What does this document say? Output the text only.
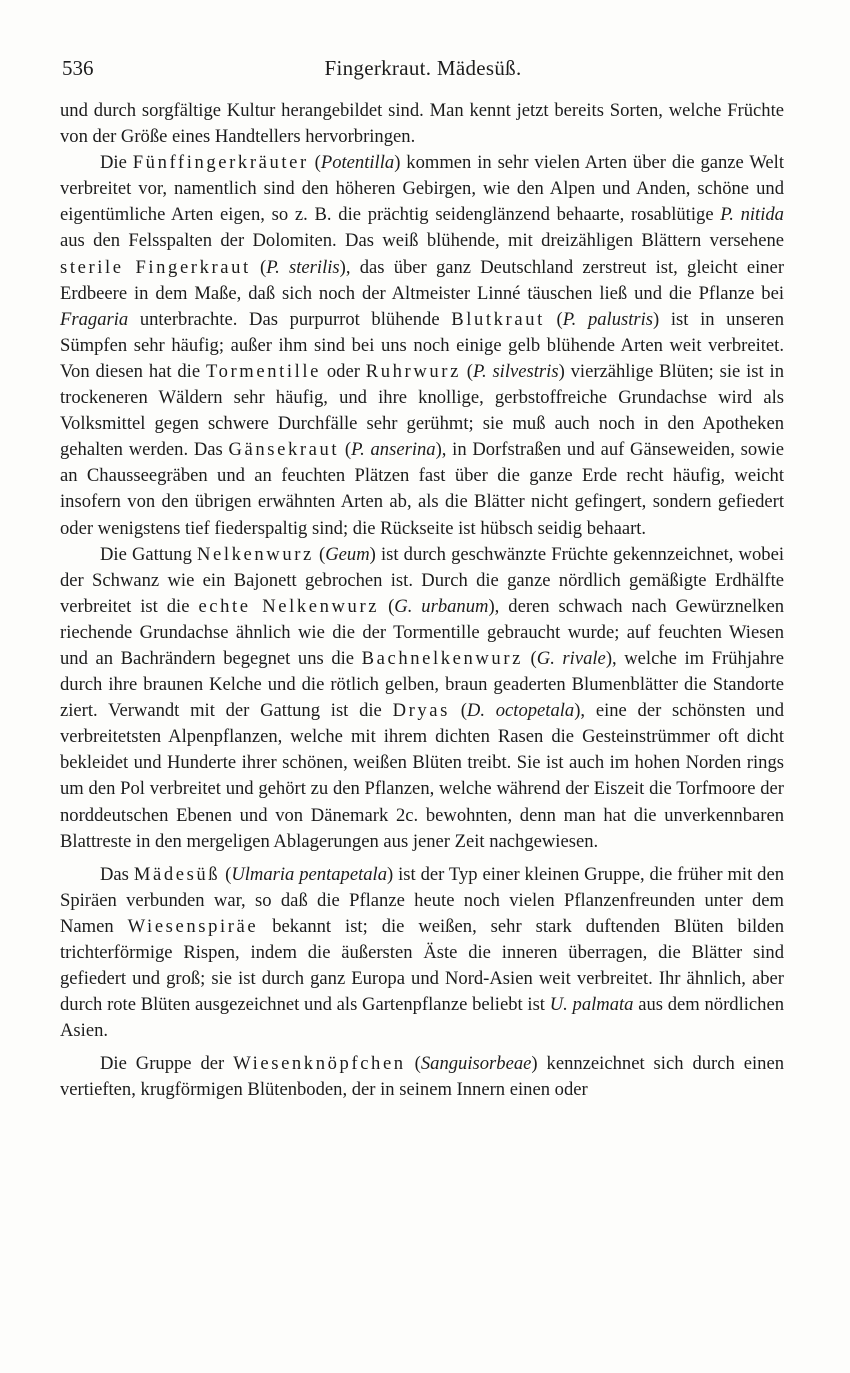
536	Fingerkraut. Mädesüß.

und durch sorgfältige Kultur herangebildet sind. Man kennt jetzt bereits Sorten, welche Früchte von der Größe eines Handtellers hervorbringen.

Die Fünffingerkräuter (Potentilla) kommen in sehr vielen Arten über die ganze Welt verbreitet vor, namentlich sind den höheren Gebirgen, wie den Alpen und Anden, schöne und eigentümliche Arten eigen, so z. B. die prächtig seidenglänzend behaarte, rosablütige P. nitida aus den Felsspalten der Dolomiten. Das weiß blühende, mit dreizähligen Blättern versehene sterile Fingerkraut (P. sterilis), das über ganz Deutschland zerstreut ist, gleicht einer Erdbeere in dem Maße, daß sich noch der Altmeister Linné täuschen ließ und die Pflanze bei Fragaria unterbrachte. Das purpurrot blühende Blutkraut (P. palustris) ist in unseren Sümpfen sehr häufig; außer ihm sind bei uns noch einige gelb blühende Arten weit verbreitet. Von diesen hat die Tormentille oder Ruhrwurz (P. silvestris) vierzählige Blüten; sie ist in trockeneren Wäldern sehr häufig, und ihre knollige, gerbstoffreiche Grundachse wird als Volksmittel gegen schwere Durchfälle sehr gerühmt; sie muß auch noch in den Apotheken gehalten werden. Das Gänsekraut (P. anserina), in Dorfstraßen und auf Gänseweiden, sowie an Chausseegräben und an feuchten Plätzen fast über die ganze Erde recht häufig, weicht insofern von den übrigen erwähnten Arten ab, als die Blätter nicht gefingert, sondern gefiedert oder wenigstens tief fiederspaltig sind; die Rückseite ist hübsch seidig behaart.

Die Gattung Nelkenwurz (Geum) ist durch geschwänzte Früchte gekennzeichnet, wobei der Schwanz wie ein Bajonett gebrochen ist. Durch die ganze nördlich gemäßigte Erdhälfte verbreitet ist die echte Nelkenwurz (G. urbanum), deren schwach nach Gewürznelken riechende Grundachse ähnlich wie die der Tormentille gebraucht wurde; auf feuchten Wiesen und an Bachrändern begegnet uns die Bachnelkenwurz (G. rivale), welche im Frühjahre durch ihre braunen Kelche und die rötlich gelben, braun geaderten Blumenblätter die Standorte ziert. Verwandt mit der Gattung ist die Dryas (D. octopetala), eine der schönsten und verbreitetsten Alpenpflanzen, welche mit ihrem dichten Rasen die Gesteinstrümmer oft dicht bekleidet und Hunderte ihrer schönen, weißen Blüten treibt. Sie ist auch im hohen Norden rings um den Pol verbreitet und gehört zu den Pflanzen, welche während der Eiszeit die Torfmoore der norddeutschen Ebenen und von Dänemark 2c. bewohnten, denn man hat die unverkennbaren Blattreste in den mergeligen Ablagerungen aus jener Zeit nachgewiesen.

Das Mädesüß (Ulmaria pentapetala) ist der Typ einer kleinen Gruppe, die früher mit den Spiräen verbunden war, so daß die Pflanze heute noch vielen Pflanzenfreunden unter dem Namen Wiesenspiräe bekannt ist; die weißen, sehr stark duftenden Blüten bilden trichterförmige Rispen, indem die äußersten Äste die inneren überragen, die Blätter sind gefiedert und groß; sie ist durch ganz Europa und Nord-Asien weit verbreitet. Ihr ähnlich, aber durch rote Blüten ausgezeichnet und als Gartenpflanze beliebt ist U. palmata aus dem nördlichen Asien.

Die Gruppe der Wiesenknöpfchen (Sanguisorbeae) kennzeichnet sich durch einen vertieften, krugförmigen Blütenboden, der in seinem Innern einen oder
